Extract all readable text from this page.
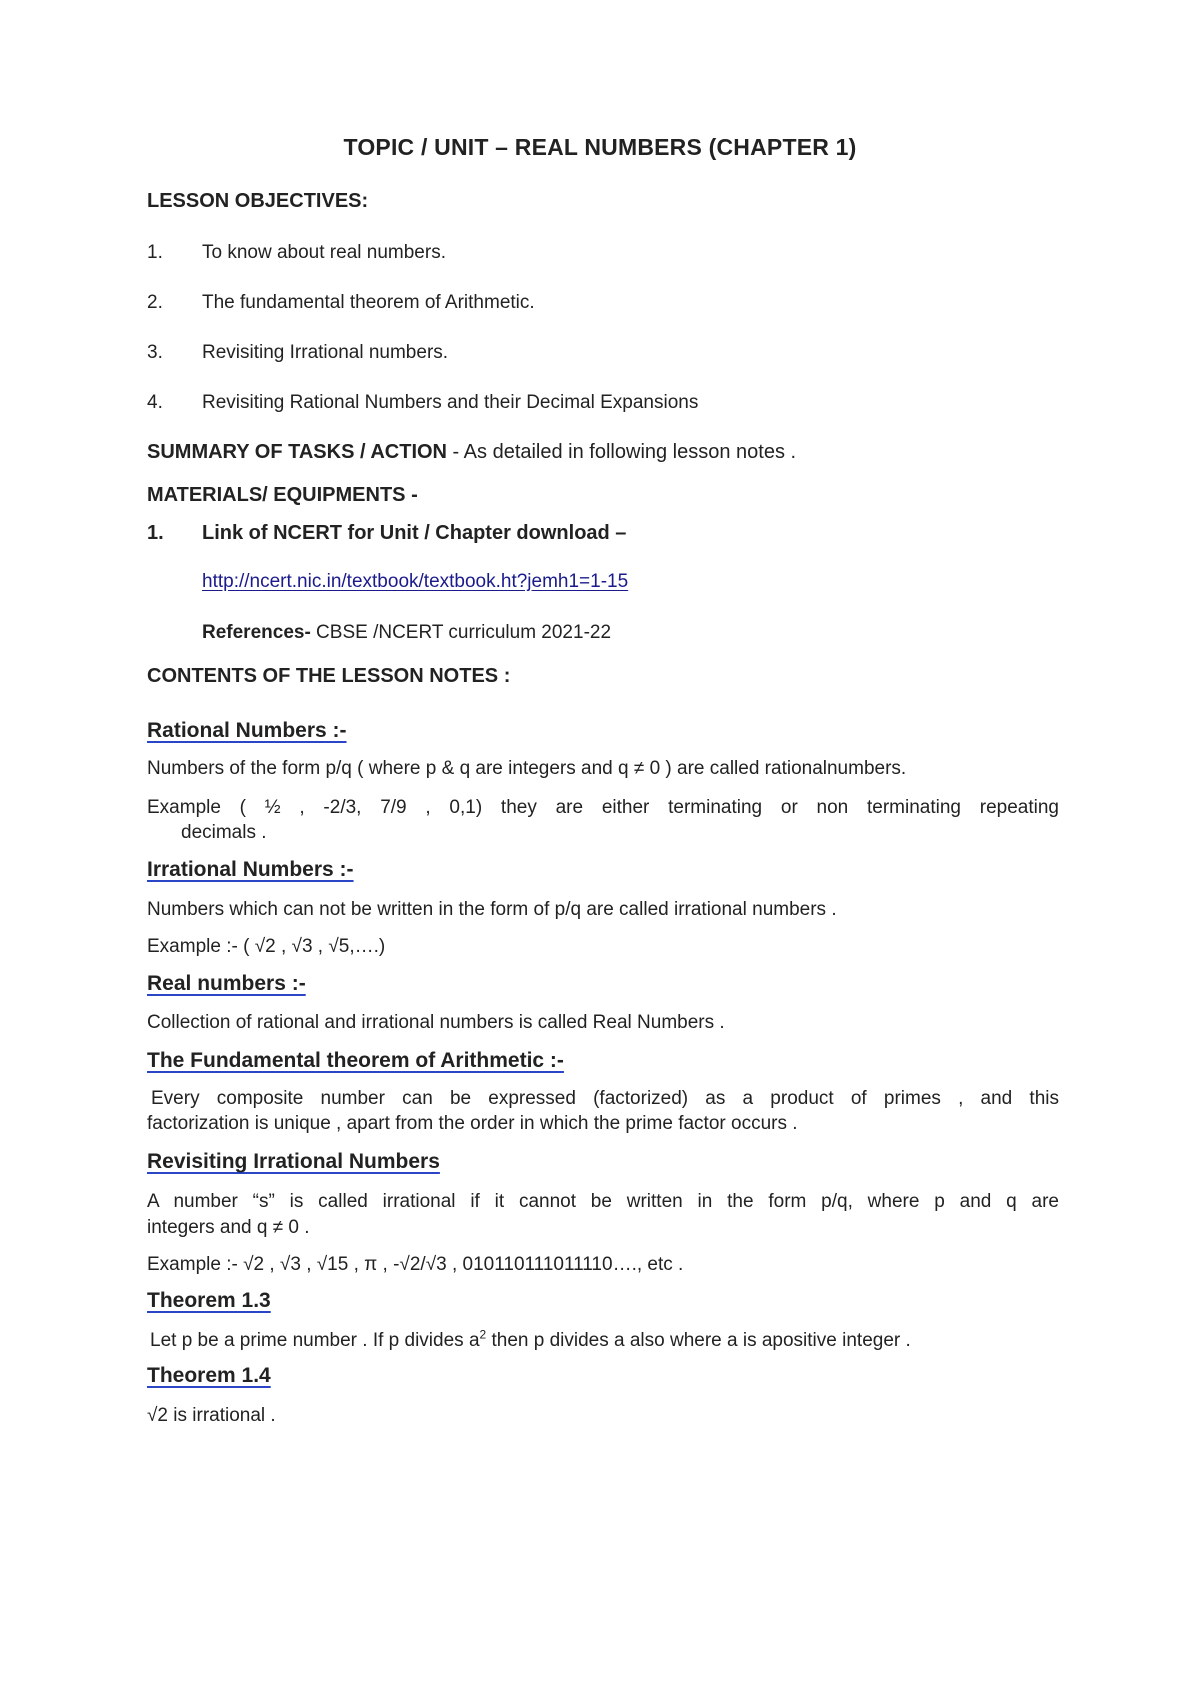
TOPIC / UNIT – REAL NUMBERS (CHAPTER 1)
LESSON OBJECTIVES:
1. To know about real numbers.
2. The fundamental theorem of Arithmetic.
3. Revisiting Irrational numbers.
4. Revisiting Rational Numbers and their Decimal Expansions
SUMMARY OF TASKS / ACTION - As detailed in following lesson notes .
MATERIALS/ EQUIPMENTS -
1. Link of NCERT for Unit / Chapter download –
http://ncert.nic.in/textbook/textbook.ht?jemh1=1-15
References- CBSE /NCERT curriculum 2021-22
CONTENTS OF THE LESSON NOTES :
Rational Numbers :-
Numbers of the form p/q ( where p & q are integers and q ≠ 0 ) are called rationalnumbers.
Example ( ½ , -2/3, 7/9 , 0,1) they are either terminating or non terminating repeating
decimals .
Irrational Numbers :-
Numbers which can not be written in the form of p/q are called irrational numbers .
Example :- ( √2 , √3 , √5,….)
Real numbers :-
Collection of rational and irrational numbers is called Real Numbers .
The Fundamental theorem of Arithmetic :-
Every composite number can be expressed (factorized) as a product of primes , and this
factorization is unique , apart from the order in which the prime factor occurs .
Revisiting Irrational Numbers
A number “s” is called irrational if it cannot be written in the form p/q, where p and q are
integers and q ≠ 0 .
Example :- √2 , √3 , √15 , π , -√2/√3 , 010110111011110…., etc .
Theorem 1.3
Let p be a prime number . If p divides $a^2$ then p divides a also where a is apositive integer .
Theorem 1.4
√2 is irrational .
